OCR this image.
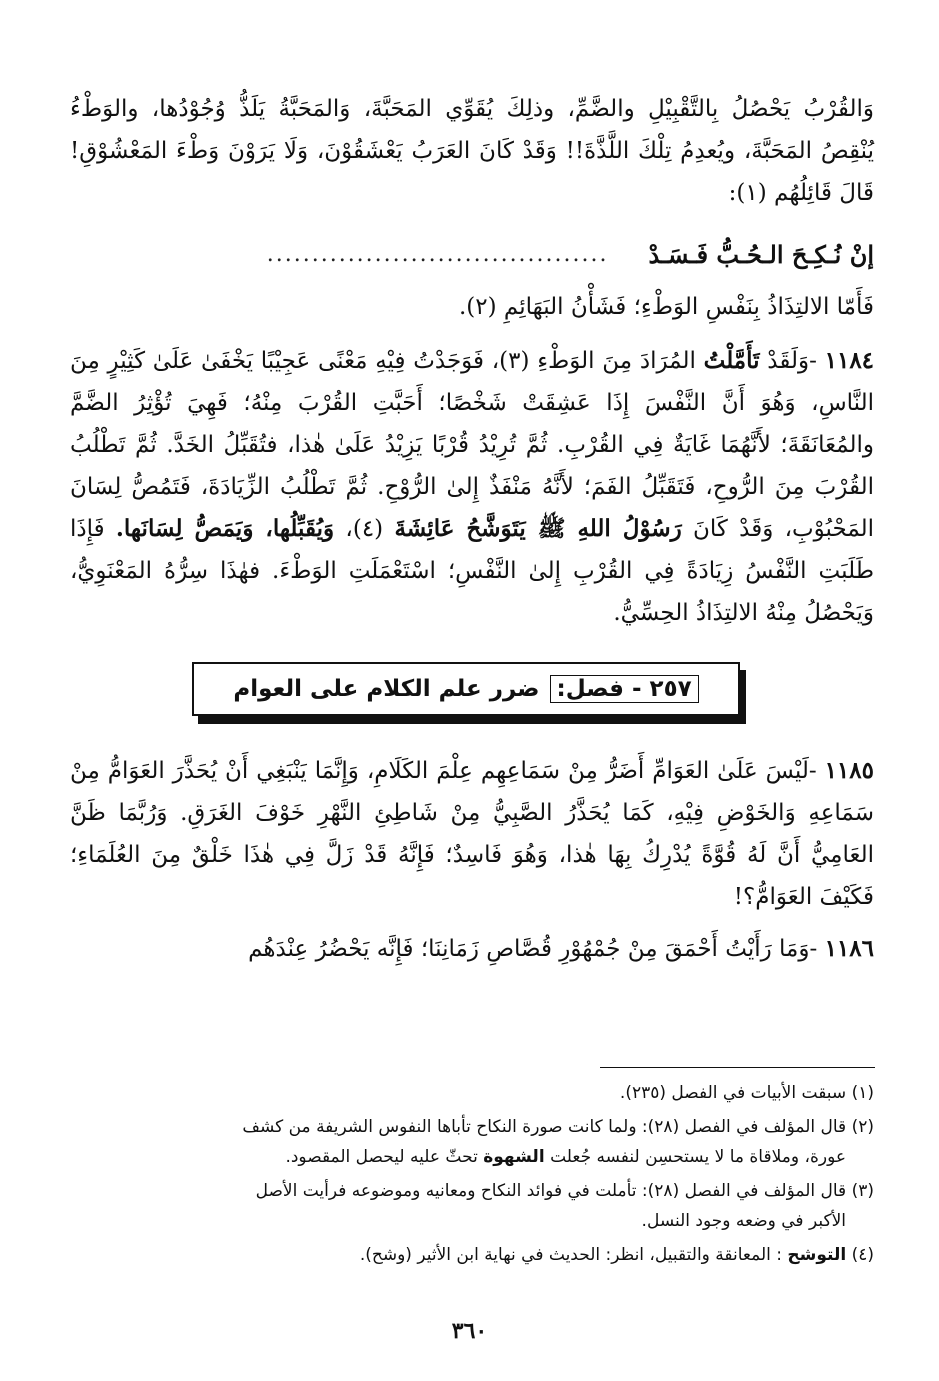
وَالقُرْبُ يَحْصُلُ بِالتَّقْبِيْلِ والضَّمِّ، وذلِكَ يُقَوِّي المَحَبَّةَ، وَالمَحَبَّةُ يَلَذُّ وُجُوْدُها، والوَطْءُ يُنْقِصُ المَحَبَّةَ، ويُعدِمُ تِلْكَ اللَّذَّةَ!! وَقَدْ كَانَ العَرَبُ يَعْشَقُوْنَ، وَلَا يَرَوْنَ وَطْءَ المَعْشُوْقِ! قَالَ قَائِلُهُم (١):

إنْ نُـكِـحَ الـحُـبُّ فَـسَـدْ
......................................

فَأَمّا الالتِذَاذُ بِنَفْسِ الوَطْءِ؛ فَشَأْنُ البَهَائِمِ (٢).

١١٨٤ -وَلَقَدْ تَأَمَّلْتُ المُرَادَ مِنَ الوَطْءِ (٣)، فَوَجَدْتُ فِيْهِ مَعْنًى عَجِيْبًا يَخْفَىٰ عَلَىٰ كَثِيْرٍ مِنَ النَّاسِ، وَهُوَ أَنَّ النَّفْسَ إِذَا عَشِقَتْ شَخْصًا؛ أَحَبَّتِ القُرْبَ مِنْهُ؛ فَهِيَ تُؤْثِرُ الضَّمَّ والمُعَانَقَةَ؛ لأَنَّهُمَا غَايَةٌ فِي القُرْبِ. ثُمَّ تُرِيْدُ قُرْبًا يَزِيْدُ عَلَىٰ هٰذا، فتُقَبِّلُ الخَدَّ. ثُمَّ تَطْلُبُ القُرْبَ مِنَ الرُّوحِ، فَتَقَبِّلُ الفَمَ؛ لأَنَّهُ مَنْفَذٌ إِلىٰ الرُّوْحِ. ثُمَّ تَطْلُبُ الزِّيَادَةَ، فَتَمُصُّ لِسَانَ المَحْبُوْبِ، وَقَدْ كَانَ رَسُوْلُ اللهِ ﷺ يَتَوَشَّحُ عَائِشَةَ (٤)، وَيُقَبِّلُها، وَيَمَصُّ لِسَانَها. فَإِذَا طَلَبَتِ النَّفْسُ زِيَادَةً فِي القُرْبِ إِلىٰ النَّفْسِ؛ اسْتَعْمَلَتِ الوَطْءَ. فهٰذَا سِرُّهُ المَعْنَوِيُّ، وَيَحْصُلُ مِنْهُ الالتِذَاذُ الحِسِّيُّ.

٢٥٧ - فصل:
ضرر علم الكلام على العوام

١١٨٥ -لَيْسَ عَلَىٰ العَوَامِّ أَضَرُّ مِنْ سَمَاعِهِم عِلْمَ الكَلَامِ، وَإِنَّمَا يَنْبَغِي أَنْ يُحَذَّرَ العَوَامُّ مِنْ سَمَاعِهِ وَالخَوْضِ فِيْهِ، كَمَا يُحَذَّرُ الصَّبِيُّ مِنْ شَاطِئِ النَّهْرِ خَوْفَ الغَرَقِ. وَرُبَّمَا ظَنَّ العَامِيُّ أَنَّ لَهُ قُوَّةً يُدْرِكُ بِهَا هٰذا، وَهُوَ فَاسِدٌ؛ فَإِنَّهُ قَدْ زَلَّ فِي هٰذَا خَلْقٌ مِنَ العُلَمَاءِ؛ فَكَيْفَ العَوَامُّ؟!

١١٨٦ -وَمَا رَأَيْتُ أَحْمَقَ مِنْ جُمْهُوْرِ قُصَّاصِ زَمَانِنَا؛ فَإِنَّه يَحْضُرُ عِنْدَهُم

(١) سبقت الأبيات في الفصل (٢٣٥).

(٢) قال المؤلف في الفصل (٢٨): ولما كانت صورة النكاح تأباها النفوس الشريفة من كشف
عورة، وملاقاة ما لا يستحسِن لنفسه جُعلت الشهوة تحثّ عليه ليحصل المقصود.

(٣) قال المؤلف في الفصل (٢٨): تأملت في فوائد النكاح ومعانيه وموضوعه فرأيت الأصل
الأكبر في وضعه وجود النسل.

(٤) التوشح : المعانقة والتقبيل، انظر: الحديث في نهاية ابن الأثير (وشح).

٣٦٠
